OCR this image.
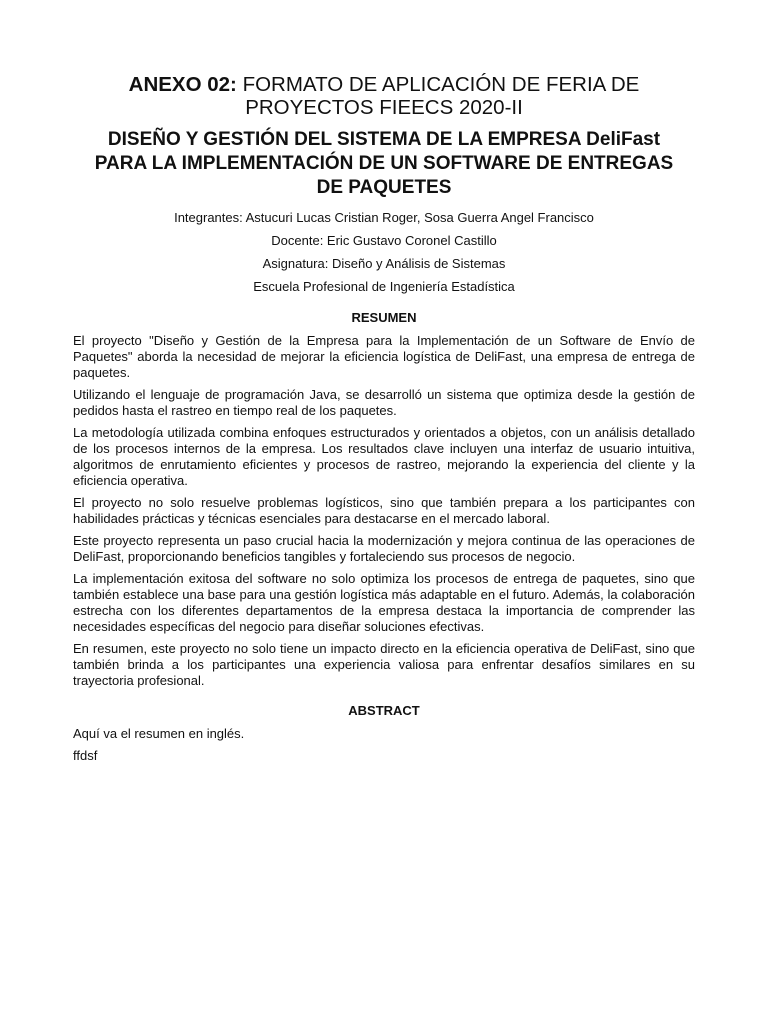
ANEXO 02: FORMATO DE APLICACIÓN DE FERIA DE PROYECTOS FIEECS 2020-II
DISEÑO Y GESTIÓN DEL SISTEMA DE LA EMPRESA DeliFast PARA LA IMPLEMENTACIÓN DE UN SOFTWARE DE ENTREGAS DE PAQUETES
Integrantes: Astucuri Lucas Cristian Roger, Sosa Guerra Angel Francisco
Docente: Eric Gustavo Coronel Castillo
Asignatura: Diseño y Análisis de Sistemas
Escuela Profesional de Ingeniería Estadística
RESUMEN

El proyecto "Diseño y Gestión de la Empresa para la Implementación de un Software de Envío de Paquetes" aborda la necesidad de mejorar la eficiencia logística de DeliFast, una empresa de entrega de paquetes.

Utilizando el lenguaje de programación Java, se desarrolló un sistema que optimiza desde la gestión de pedidos hasta el rastreo en tiempo real de los paquetes.

La metodología utilizada combina enfoques estructurados y orientados a objetos, con un análisis detallado de los procesos internos de la empresa. Los resultados clave incluyen una interfaz de usuario intuitiva, algoritmos de enrutamiento eficientes y procesos de rastreo, mejorando la experiencia del cliente y la eficiencia operativa.

El proyecto no solo resuelve problemas logísticos, sino que también prepara a los participantes con habilidades prácticas y técnicas esenciales para destacarse en el mercado laboral.

Este proyecto representa un paso crucial hacia la modernización y mejora continua de las operaciones de DeliFast, proporcionando beneficios tangibles y fortaleciendo sus procesos de negocio.

La implementación exitosa del software no solo optimiza los procesos de entrega de paquetes, sino que también establece una base para una gestión logística más adaptable en el futuro. Además, la colaboración estrecha con los diferentes departamentos de la empresa destaca la importancia de comprender las necesidades específicas del negocio para diseñar soluciones efectivas.

En resumen, este proyecto no solo tiene un impacto directo en la eficiencia operativa de DeliFast, sino que también brinda a los participantes una experiencia valiosa para enfrentar desafíos similares en su trayectoria profesional.

ABSTRACT

Aquí va el resumen en inglés.

ffdsf
